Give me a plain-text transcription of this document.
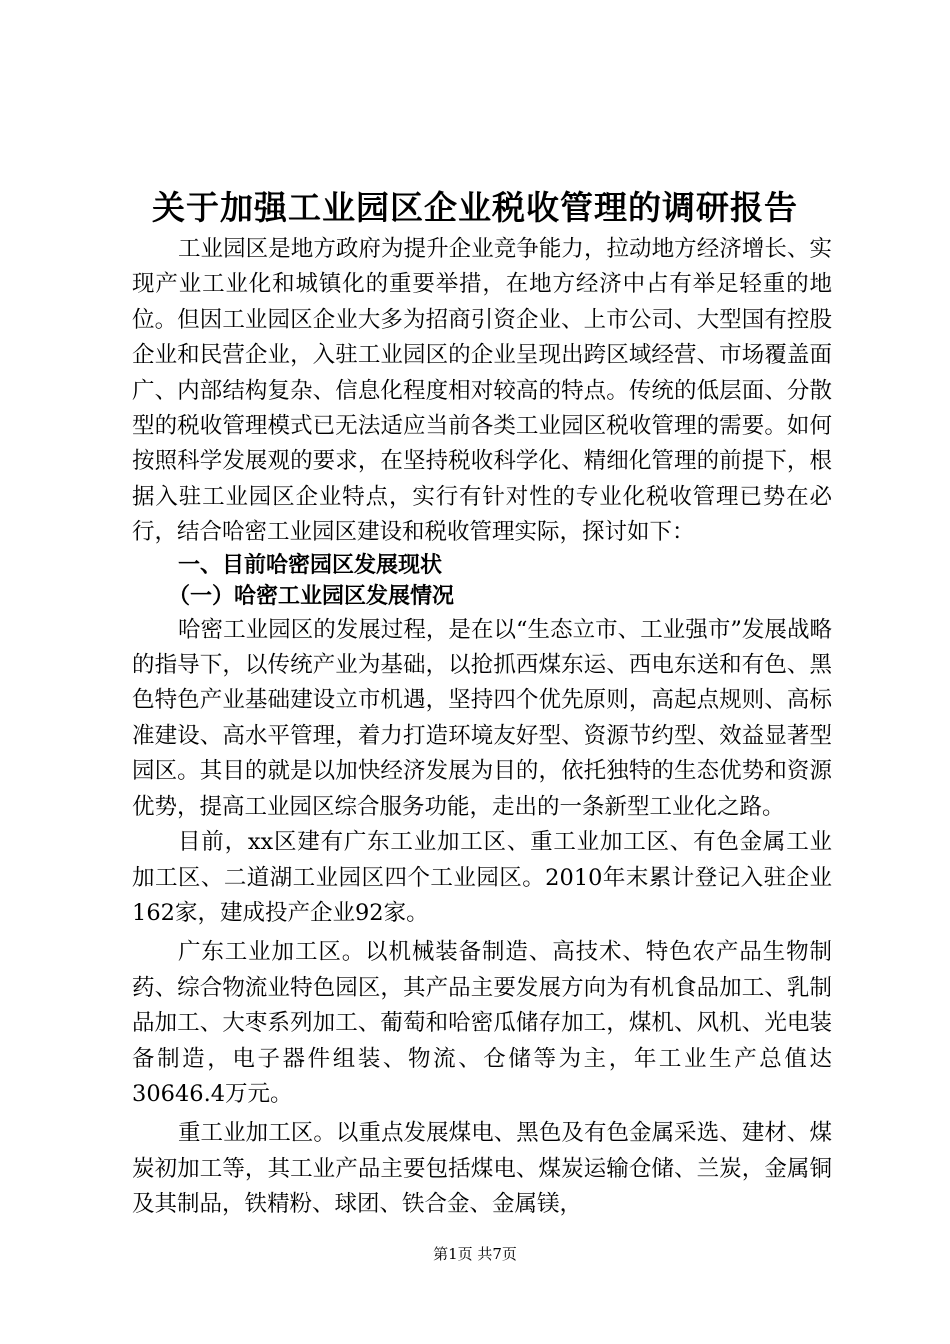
关于加强工业园区企业税收管理的调研报告

工业园区是地方政府为提升企业竞争能力，拉动地方经济增长、实现产业工业化和城镇化的重要举措，在地方经济中占有举足轻重的地位。但因工业园区企业大多为招商引资企业、上市公司、大型国有控股企业和民营企业，入驻工业园区的企业呈现出跨区域经营、市场覆盖面广、内部结构复杂、信息化程度相对较高的特点。传统的低层面、分散型的税收管理模式已无法适应当前各类工业园区税收管理的需要。如何按照科学发展观的要求，在坚持税收科学化、精细化管理的前提下，根据入驻工业园区企业特点，实行有针对性的专业化税收管理已势在必行，结合哈密工业园区建设和税收管理实际，探讨如下：

一、目前哈密园区发展现状
（一）哈密工业园区发展情况

哈密工业园区的发展过程，是在以“生态立市、工业强市”发展战略的指导下，以传统产业为基础，以抢抓西煤东运、西电东送和有色、黑色特色产业基础建设立市机遇，坚持四个优先原则，高起点规则、高标准建设、高水平管理，着力打造环境友好型、资源节约型、效益显著型园区。其目的就是以加快经济发展为目的，依托独特的生态优势和资源优势，提高工业园区综合服务功能，走出的一条新型工业化之路。

目前，xx区建有广东工业加工区、重工业加工区、有色金属工业加工区、二道湖工业园区四个工业园区。2010年末累计登记入驻企业162家，建成投产企业92家。

广东工业加工区。以机械装备制造、高技术、特色农产品生物制药、综合物流业特色园区，其产品主要发展方向为有机食品加工、乳制品加工、大枣系列加工、葡萄和哈密瓜储存加工，煤机、风机、光电装备制造，电子器件组装、物流、仓储等为主，年工业生产总值达30646.4万元。

重工业加工区。以重点发展煤电、黑色及有色金属采选、建材、煤炭初加工等，其工业产品主要包括煤电、煤炭运输仓储、兰炭，金属铜及其制品，铁精粉、球团、铁合金、金属镁，

第1页 共7页
